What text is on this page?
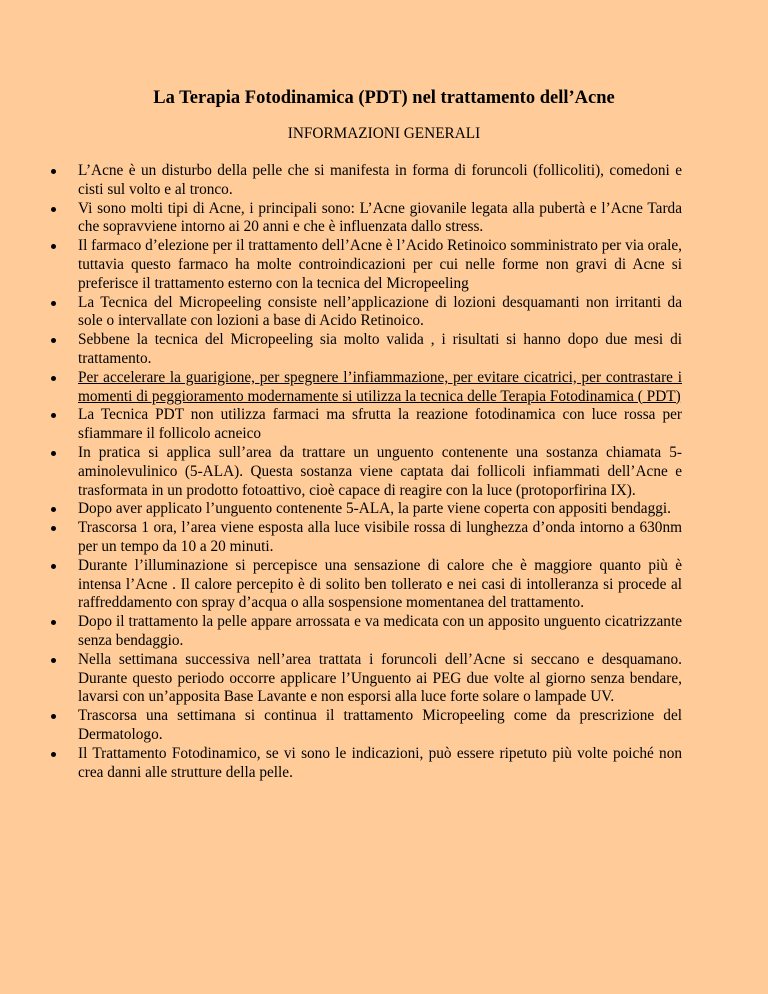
La Terapia Fotodinamica (PDT) nel trattamento dell’Acne

INFORMAZIONI GENERALI

L’Acne è un disturbo della pelle che si manifesta in forma di foruncoli (follicoliti), comedoni e cisti sul volto e al tronco.
Vi sono molti tipi di Acne, i principali sono: L’Acne giovanile legata alla pubertà e l’Acne Tarda che sopravviene intorno ai 20 anni e che è influenzata dallo stress.
Il farmaco d’elezione per il trattamento dell’Acne è l’Acido Retinoico somministrato per via orale, tuttavia questo farmaco ha molte controindicazioni per cui nelle forme non gravi di Acne si preferisce il trattamento esterno con la tecnica del Micropeeling
La Tecnica del Micropeeling consiste nell’applicazione di lozioni desquamanti non irritanti da sole o intervallate con lozioni a base di Acido Retinoico.
Sebbene la tecnica del Micropeeling sia molto valida , i risultati si hanno dopo due mesi di trattamento.
Per accelerare la guarigione, per spegnere l’infiammazione, per evitare cicatrici, per contrastare i momenti di peggioramento modernamente si utilizza la tecnica delle Terapia Fotodinamica ( PDT)
La Tecnica PDT non utilizza farmaci ma sfrutta la reazione fotodinamica con luce rossa per sfiammare il follicolo acneico
In pratica si applica sull’area da trattare un unguento contenente una sostanza chiamata 5-aminolevulinico (5-ALA). Questa sostanza viene captata dai follicoli infiammati dell’Acne e trasformata in un prodotto fotoattivo, cioè capace di reagire con la luce (protoporfirina IX).
Dopo aver applicato l’unguento contenente 5-ALA, la parte viene coperta con appositi bendaggi.
Trascorsa 1 ora, l’area viene esposta alla luce visibile rossa di lunghezza d’onda intorno a 630nm per un tempo da 10 a 20 minuti.
Durante l’illuminazione si percepisce una sensazione di calore che è maggiore quanto più è intensa l’Acne . Il calore percepito è di solito ben tollerato e nei casi di intolleranza si procede al raffreddamento con spray d’acqua o alla sospensione momentanea del trattamento.
Dopo il trattamento la pelle appare arrossata e va medicata con un apposito unguento cicatrizzante senza bendaggio.
Nella settimana successiva nell’area trattata i foruncoli dell’Acne si seccano e desquamano. Durante questo periodo occorre applicare l’Unguento ai PEG due volte al giorno senza bendare, lavarsi con un’apposita Base Lavante e non esporsi alla luce forte solare o lampade UV.
Trascorsa una settimana si continua il trattamento Micropeeling come da prescrizione del Dermatologo.
Il Trattamento Fotodinamico, se vi sono le indicazioni, può essere ripetuto più volte poiché non crea danni alle strutture della pelle.
